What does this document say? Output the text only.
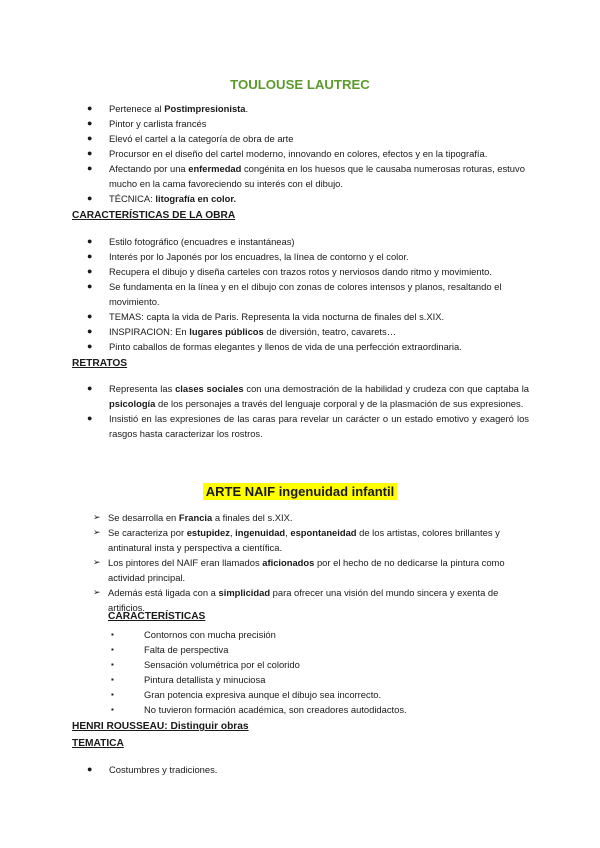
TOULOUSE LAUTREC
● Pertenece al Postimpresionista.
● Pintor y carlista francés
● Elevó el cartel a la categoría de obra de arte
● Procursor en el diseño del cartel moderno, innovando en colores, efectos y en la tipografía.
● Afectando por una enfermedad congénita en los huesos que le causaba numerosas roturas, estuvo mucho en la cama favoreciendo su interés con el dibujo.
● TÉCNICA: litografía en color.
CARACTERÍSTICAS DE LA OBRA
● Estilo fotográfico (encuadres e instantáneas)
● Interés por lo Japonés por los encuadres, la línea de contorno y el color.
● Recupera el dibujo y diseña carteles con trazos rotos y nerviosos dando ritmo y movimiento.
● Se fundamenta en la línea y en el dibujo con zonas de colores intensos y planos, resaltando el movimiento.
● TEMAS: capta la vida de Paris. Representa la vida nocturna de finales del s.XIX.
● INSPIRACION: En lugares públicos de diversión, teatro, cavarets…
● Pinto caballos de formas elegantes y llenos de vida de una perfección extraordinaria.
RETRATOS
● Representa las clases sociales con una demostración de la habilidad y crudeza con que captaba la psicología de los personajes a través del lenguaje corporal y de la plasmación de sus expresiones.
● Insistió en las expresiones de las caras para revelar un carácter o un estado emotivo y exageró los rasgos hasta caracterizar los rostros.
ARTE NAIF ingenuidad infantil
➢ Se desarrolla en Francia a finales del s.XIX.
➢ Se caracteriza por estupidez, ingenuidad, espontaneidad de los artistas, colores brillantes y antinatural insta y perspectiva a científica.
➢ Los pintores del NAIF eran llamados aficionados por el hecho de no dedicarse la pintura como actividad principal.
➢ Además está ligada con a simplicidad para ofrecer una visión del mundo sincera y exenta de artificios.
CARACTERÍSTICAS
▪	Contornos con mucha precisión
▪	Falta de perspectiva
▪	Sensación volumétrica por el colorido
▪	Pintura detallista y minuciosa
▪	Gran potencia expresiva aunque el dibujo sea incorrecto.
▪	No tuvieron formación académica, son creadores autodidactos.
HENRI ROUSSEAU: Distinguir obras
TEMATICA
● Costumbres y tradiciones.
